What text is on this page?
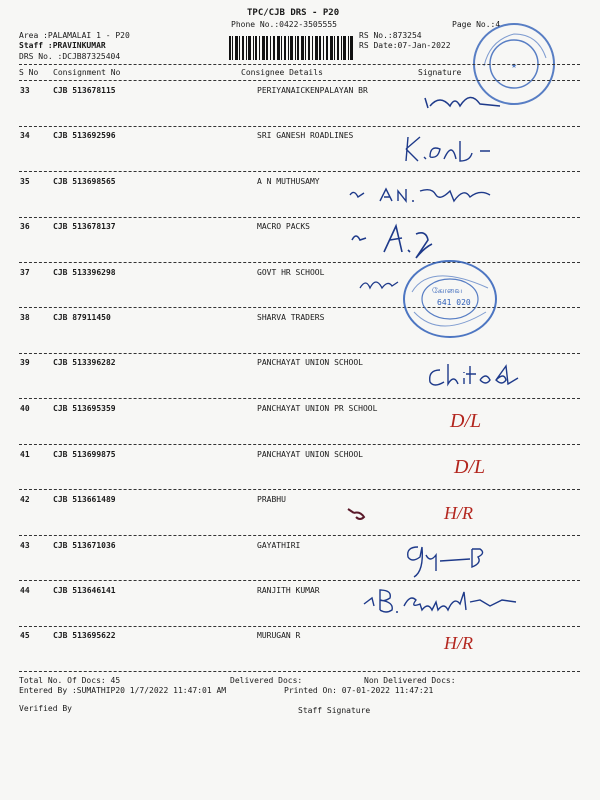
TPC/CJB DRS - P20
Phone No.:0422-3505555	Page No.:4
Area :PALAMALAI 1 - P20
Staff :PRAVINKUMAR
DRS No. :DCJB87325404
RS No.:873254
RS Date:07-Jan-2022
★
S No Consignment No	Consignee Details	Signature
33	CJB 513678115	PERIYANAICKENPALAYAN BR
34	CJB 513692596	SRI GANESH ROADLINES
35	CJB 513698565	A N MUTHUSAMY
36	CJB 513678137	MACRO PACKS
37	CJB 513396298	GOVT HR SCHOOL
38	CJB 87911450	SHARVA TRADERS
கோவை
641 020
39	CJB 513396282	PANCHAYAT UNION SCHOOL
40	CJB 513695359	PANCHAYAT UNION PR SCHOOL
D/L
41	CJB 513699875	PANCHAYAT UNION SCHOOL
D/L
42	CJB 513661489	PRABHU
H/R
43	CJB 513671036	GAYATHIRI
44	CJB 513646141	RANJITH KUMAR
45	CJB 513695622	MURUGAN R	H/R
Total No. Of Docs: 45	Delivered Docs:	Non Delivered Docs:
Entered By :SUMATHIP20 1/7/2022 11:47:01 AM	Printed On: 07-01-2022 11:47:21
Verified By	Staff Signature
